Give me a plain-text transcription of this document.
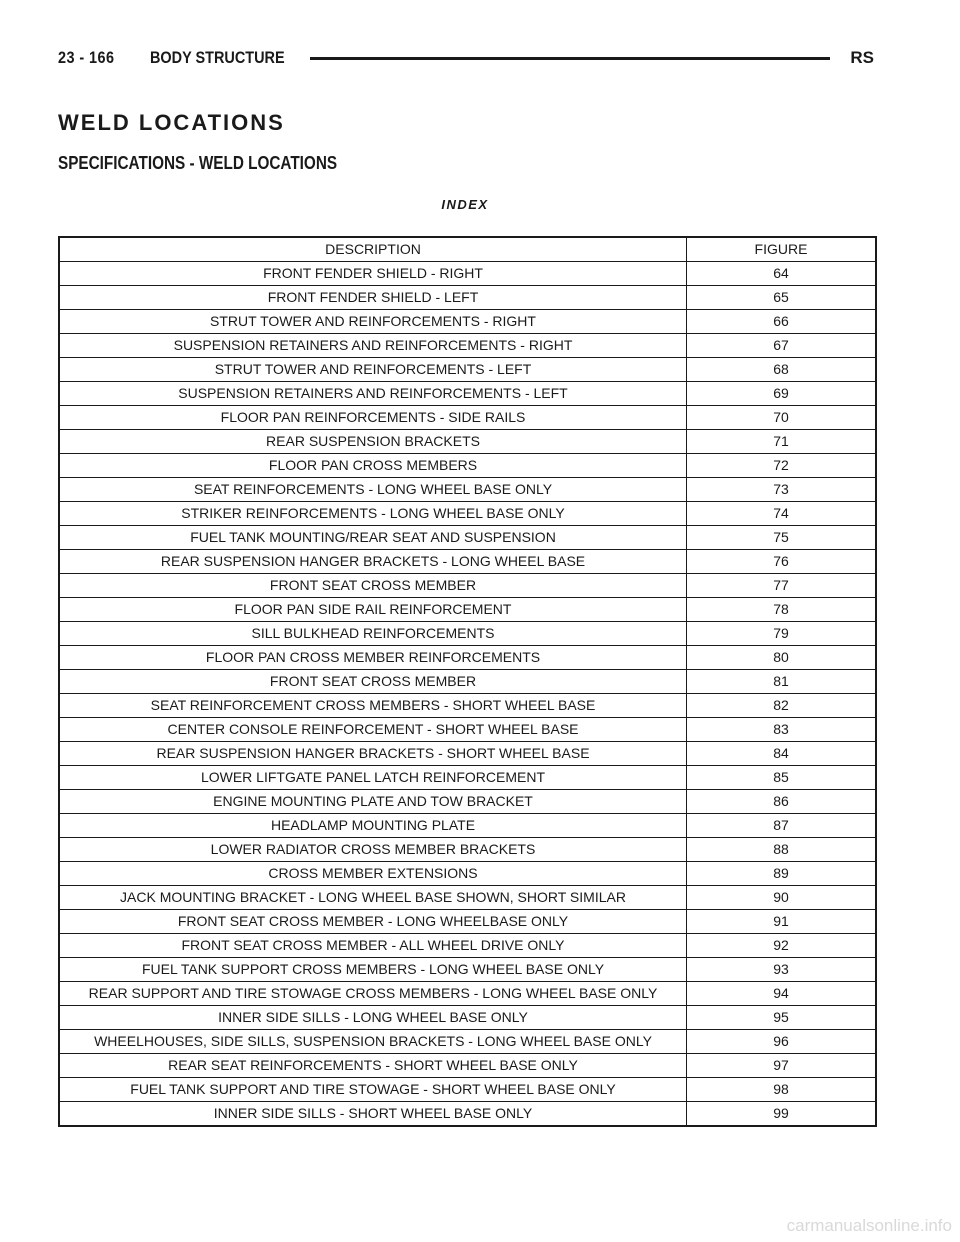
23 - 166 BODY STRUCTURE	RS
WELD LOCATIONS
SPECIFICATIONS - WELD LOCATIONS
INDEX
DESCRIPTION	FIGURE
FRONT FENDER SHIELD - RIGHT	64
FRONT FENDER SHIELD - LEFT	65
STRUT TOWER AND REINFORCEMENTS - RIGHT	66
SUSPENSION RETAINERS AND REINFORCEMENTS - RIGHT	67
STRUT TOWER AND REINFORCEMENTS - LEFT	68
SUSPENSION RETAINERS AND REINFORCEMENTS - LEFT	69
FLOOR PAN REINFORCEMENTS - SIDE RAILS	70
REAR SUSPENSION BRACKETS	71
FLOOR PAN CROSS MEMBERS	72
SEAT REINFORCEMENTS - LONG WHEEL BASE ONLY	73
STRIKER REINFORCEMENTS - LONG WHEEL BASE ONLY	74
FUEL TANK MOUNTING/REAR SEAT AND SUSPENSION	75
REAR SUSPENSION HANGER BRACKETS - LONG WHEEL BASE	76
FRONT SEAT CROSS MEMBER	77
FLOOR PAN SIDE RAIL REINFORCEMENT	78
SILL BULKHEAD REINFORCEMENTS	79
FLOOR PAN CROSS MEMBER REINFORCEMENTS	80
FRONT SEAT CROSS MEMBER	81
SEAT REINFORCEMENT CROSS MEMBERS - SHORT WHEEL BASE	82
CENTER CONSOLE REINFORCEMENT - SHORT WHEEL BASE	83
REAR SUSPENSION HANGER BRACKETS - SHORT WHEEL BASE	84
LOWER LIFTGATE PANEL LATCH REINFORCEMENT	85
ENGINE MOUNTING PLATE AND TOW BRACKET	86
HEADLAMP MOUNTING PLATE	87
LOWER RADIATOR CROSS MEMBER BRACKETS	88
CROSS MEMBER EXTENSIONS	89
JACK MOUNTING BRACKET - LONG WHEEL BASE SHOWN, SHORT SIMILAR	90
FRONT SEAT CROSS MEMBER - LONG WHEELBASE ONLY	91
FRONT SEAT CROSS MEMBER - ALL WHEEL DRIVE ONLY	92
FUEL TANK SUPPORT CROSS MEMBERS - LONG WHEEL BASE ONLY	93
REAR SUPPORT AND TIRE STOWAGE CROSS MEMBERS - LONG WHEEL BASE ONLY	94
INNER SIDE SILLS - LONG WHEEL BASE ONLY	95
WHEELHOUSES, SIDE SILLS, SUSPENSION BRACKETS - LONG WHEEL BASE ONLY	96
REAR SEAT REINFORCEMENTS - SHORT WHEEL BASE ONLY	97
FUEL TANK SUPPORT AND TIRE STOWAGE - SHORT WHEEL BASE ONLY	98
INNER SIDE SILLS - SHORT WHEEL BASE ONLY	99
carmanualsonline.info
